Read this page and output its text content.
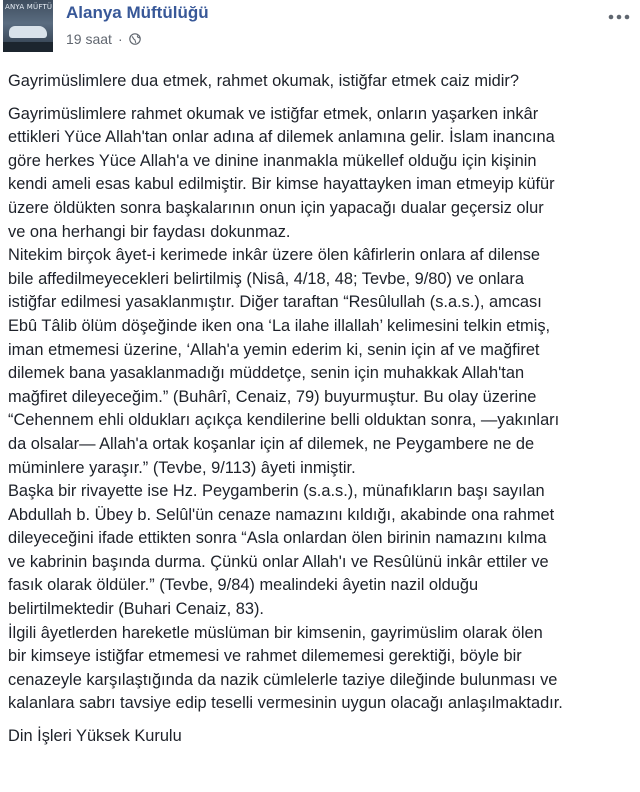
ANYA MÜFTÜ Alanya Müftülüğü
19 saat ·

Gayrimüslimlere dua etmek, rahmet okumak, istiğfar etmek caiz midir?

Gayrimüslimlere rahmet okumak ve istiğfar etmek, onların yaşarken inkâr
ettikleri Yüce Allah'tan onlar adına af dilemek anlamına gelir. İslam inancına
göre herkes Yüce Allah'a ve dinine inanmakla mükellef olduğu için kişinin
kendi ameli esas kabul edilmiştir. Bir kimse hayattayken iman etmeyip küfür
üzere öldükten sonra başkalarının onun için yapacağı dualar geçersiz olur
ve ona herhangi bir faydası dokunmaz.

Nitekim birçok âyet-i kerimede inkâr üzere ölen kâfirlerin onlara af dilense
bile affedilmeyecekleri belirtilmiş (Nisâ, 4/18, 48; Tevbe, 9/80) ve onlara
istiğfar edilmesi yasaklanmıştır. Diğer taraftan “Resûlullah (s.a.s.), amcası
Ebû Tâlib ölüm döşeğinde iken ona ‘La ilahe illallah’ kelimesini telkin etmiş,
iman etmemesi üzerine, ‘Allah'a yemin ederim ki, senin için af ve mağfiret
dilemek bana yasaklanmadığı müddetçe, senin için muhakkak Allah'tan
mağfiret dileyeceğim.” (Buhârî, Cenaiz, 79) buyurmuştur. Bu olay üzerine
“Cehennem ehli oldukları açıkça kendilerine belli olduktan sonra, —yakınları
da olsalar— Allah'a ortak koşanlar için af dilemek, ne Peygambere ne de
müminlere yaraşır.” (Tevbe, 9/113) âyeti inmiştir.

Başka bir rivayette ise Hz. Peygamberin (s.a.s.), münafıkların başı sayılan
Abdullah b. Übey b. Selûl'ün cenaze namazını kıldığı, akabinde ona rahmet
dileyeceğini ifade ettikten sonra “Asla onlardan ölen birinin namazını kılma
ve kabrinin başında durma. Çünkü onlar Allah'ı ve Resûlünü inkâr ettiler ve
fasık olarak öldüler.” (Tevbe, 9/84) mealindeki âyetin nazil olduğu
belirtilmektedir (Buhari Cenaiz, 83).

İlgili âyetlerden hareketle müslüman bir kimsenin, gayrimüslim olarak ölen
bir kimseye istiğfar etmemesi ve rahmet dilememesi gerektiği, böyle bir
cenazeyle karşılaştığında da nazik cümlelerle taziye dileğinde bulunması ve
kalanlara sabrı tavsiye edip teselli vermesinin uygun olacağı anlaşılmaktadır.

Din İşleri Yüksek Kurulu
